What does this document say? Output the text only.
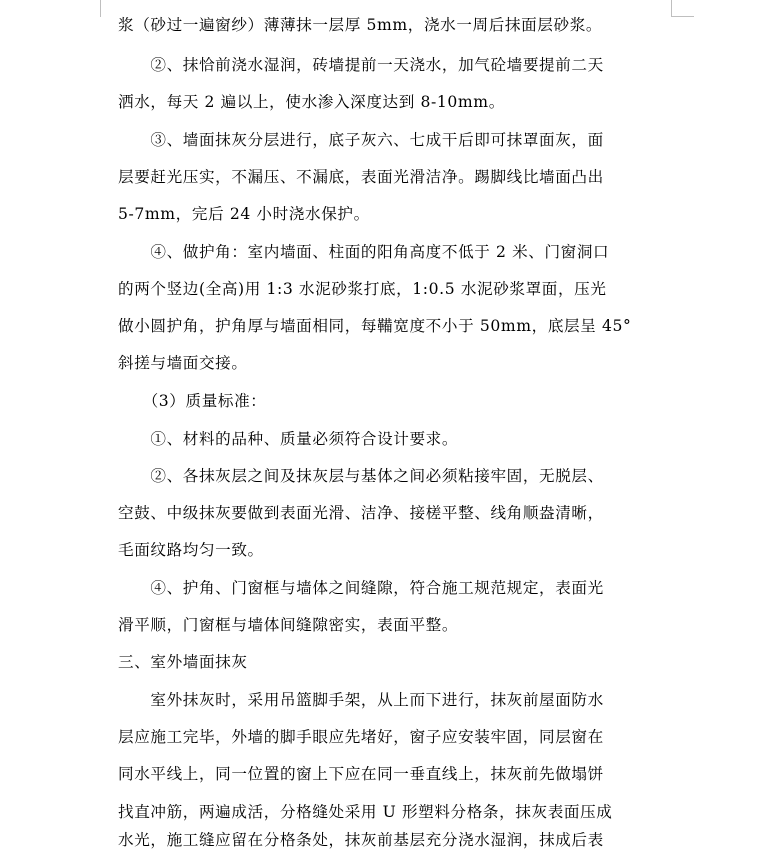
浆（砂过一遍窗纱）薄薄抹一层厚 5mm，浇水一周后抹面层砂浆。
　　②、抹恰前浇水湿润，砖墙提前一天浇水，加气砼墙要提前二天
洒水，每天 2 遍以上，使水渗入深度达到 8-10mm。
　　③、墙面抹灰分层进行，底子灰六、七成干后即可抹罩面灰，面
层要赶光压实，不漏压、不漏底，表面光滑洁净。踢脚线比墙面凸出
5-7mm，完后 24 小时浇水保护。
　　④、做护角：室内墙面、柱面的阳角高度不低于 2 米、门窗洞口
的两个竖边(全高)用 1:3 水泥砂浆打底，1:0.5 水泥砂浆罩面，压光
做小圆护角，护角厚与墙面相同，每鞴宽度不小于 50mm，底层呈 45°
斜搓与墙面交接。
　　（3）质量标准：
　　①、材料的品种、质量必须符合设计要求。
　　②、各抹灰层之间及抹灰层与基体之间必须粘接牢固，无脱层、
空鼓、中级抹灰要做到表面光滑、洁净、接槎平整、线角顺盎清晰，
毛面纹路均匀一致。
　　④、护角、门窗框与墙体之间缝隙，符合施工规范规定，表面光
滑平顺，门窗框与墙体间缝隙密实，表面平整。
三、室外墙面抹灰
　　室外抹灰时，采用吊篮脚手架，从上而下进行，抹灰前屋面防水
层应施工完毕，外墙的脚手眼应先堵好，窗子应安装牢固，同层窗在
同水平线上，同一位置的窗上下应在同一垂直线上，抹灰前先做塌饼
找直冲筋，两遍成活，分格缝处采用 U 形塑料分格条，抹灰表面压成
水光，施工缝应留在分格条处，抹灰前基层充分浇水湿润，抹成后表
